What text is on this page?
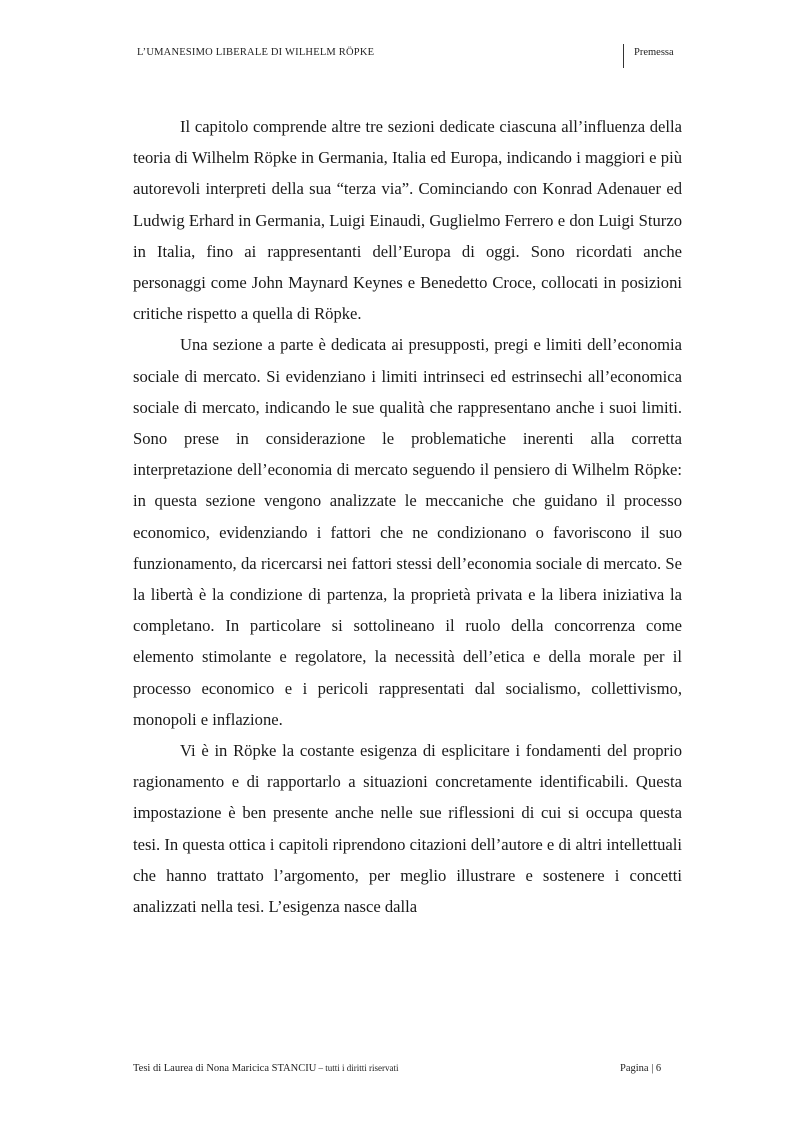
L’UMANESIMO LIBERALE DI WILHELM RÖPKE	Premessa

Il capitolo comprende altre tre sezioni dedicate ciascuna all’influenza della teoria di Wilhelm Röpke in Germania, Italia ed Europa, indicando i maggiori e più autorevoli interpreti della sua “terza via”. Cominciando con Konrad Adenauer ed Ludwig Erhard in Germania, Luigi Einaudi, Guglielmo Ferrero e don Luigi Sturzo in Italia, fino ai rappresentanti dell’Europa di oggi. Sono ricordati anche personaggi come John Maynard Keynes e Benedetto Croce, collocati in posizioni critiche rispetto a quella di Röpke.

Una sezione a parte è dedicata ai presupposti, pregi e limiti dell’economia sociale di mercato. Si evidenziano i limiti intrinseci ed estrinsechi all’economica sociale di mercato, indicando le sue qualità che rappresentano anche i suoi limiti. Sono prese in considerazione le problematiche inerenti alla corretta interpretazione dell’economia di mercato seguendo il pensiero di Wilhelm Röpke: in questa sezione vengono analizzate le meccaniche che guidano il processo economico, evidenziando i fattori che ne condizionano o favoriscono il suo funzionamento, da ricercarsi nei fattori stessi dell’economia sociale di mercato. Se la libertà è la condizione di partenza, la proprietà privata e la libera iniziativa la completano. In particolare si sottolineano il ruolo della concorrenza come elemento stimolante e regolatore, la necessità dell’etica e della morale per il processo economico e i pericoli rappresentati dal socialismo, collettivismo, monopoli e inflazione.

Vi è in Röpke la costante esigenza di esplicitare i fondamenti del proprio ragionamento e di rapportarlo a situazioni concretamente identificabili. Questa impostazione è ben presente anche nelle sue riflessioni di cui si occupa questa tesi. In questa ottica i capitoli riprendono citazioni dell’autore e di altri intellettuali che hanno trattato l’argomento, per meglio illustrare e sostenere i concetti analizzati nella tesi. L’esigenza nasce dalla

Tesi di Laurea di Nona Maricica STANCIU – tutti i diritti riservati	Pagina | 6
